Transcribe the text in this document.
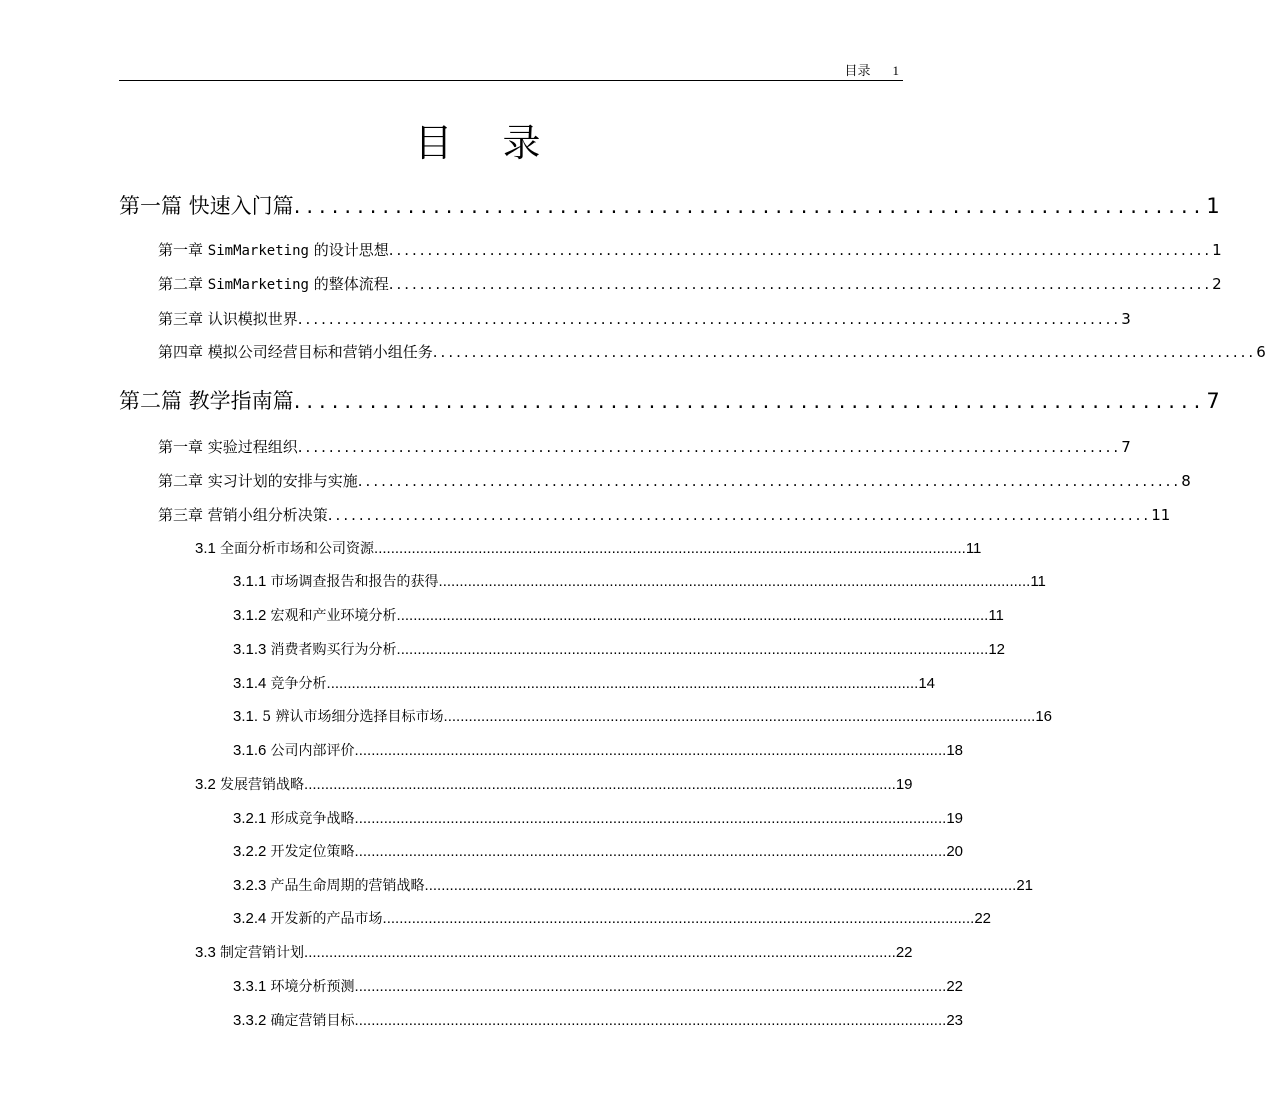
目录 1
目录
第一篇 快速入门篇 ........................................................................ 1
第一章 SimMarketing 的设计思想 .......................................................................................................... 1
第二章 SimMarketing 的整体流程 .......................................................................................................... 2
第三章 认识模拟世界 .......................................................................................................... 3
第四章 模拟公司经营目标和营销小组任务 .......................................................................................................... 6
第二篇 教学指南篇 ........................................................................ 7
第一章 实验过程组织 .......................................................................................................... 7
第二章 实习计划的安排与实施 .......................................................................................................... 8
第三章 营销小组分析决策 .......................................................................................................... 11
3.1 全面分析市场和公司资源 .............................................................................................................................................. 11
3.1.1 市场调查报告和报告的获得 .............................................................................................................................................. 11
3.1.2 宏观和产业环境分析 .............................................................................................................................................. 11
3.1.3 消费者购买行为分析 .............................................................................................................................................. 12
3.1.4 竞争分析 .............................................................................................................................................. 14
3.1. 5 辨认市场细分选择目标市场 .............................................................................................................................................. 16
3.1.6 公司内部评价 .............................................................................................................................................. 18
3.2 发展营销战略 .............................................................................................................................................. 19
3.2.1 形成竞争战略 .............................................................................................................................................. 19
3.2.2 开发定位策略 .............................................................................................................................................. 20
3.2.3 产品生命周期的营销战略 .............................................................................................................................................. 21
3.2.4 开发新的产品市场 .............................................................................................................................................. 22
3.3 制定营销计划 .............................................................................................................................................. 22
3.3.1 环境分析预测 .............................................................................................................................................. 22
3.3.2 确定营销目标 .............................................................................................................................................. 23
